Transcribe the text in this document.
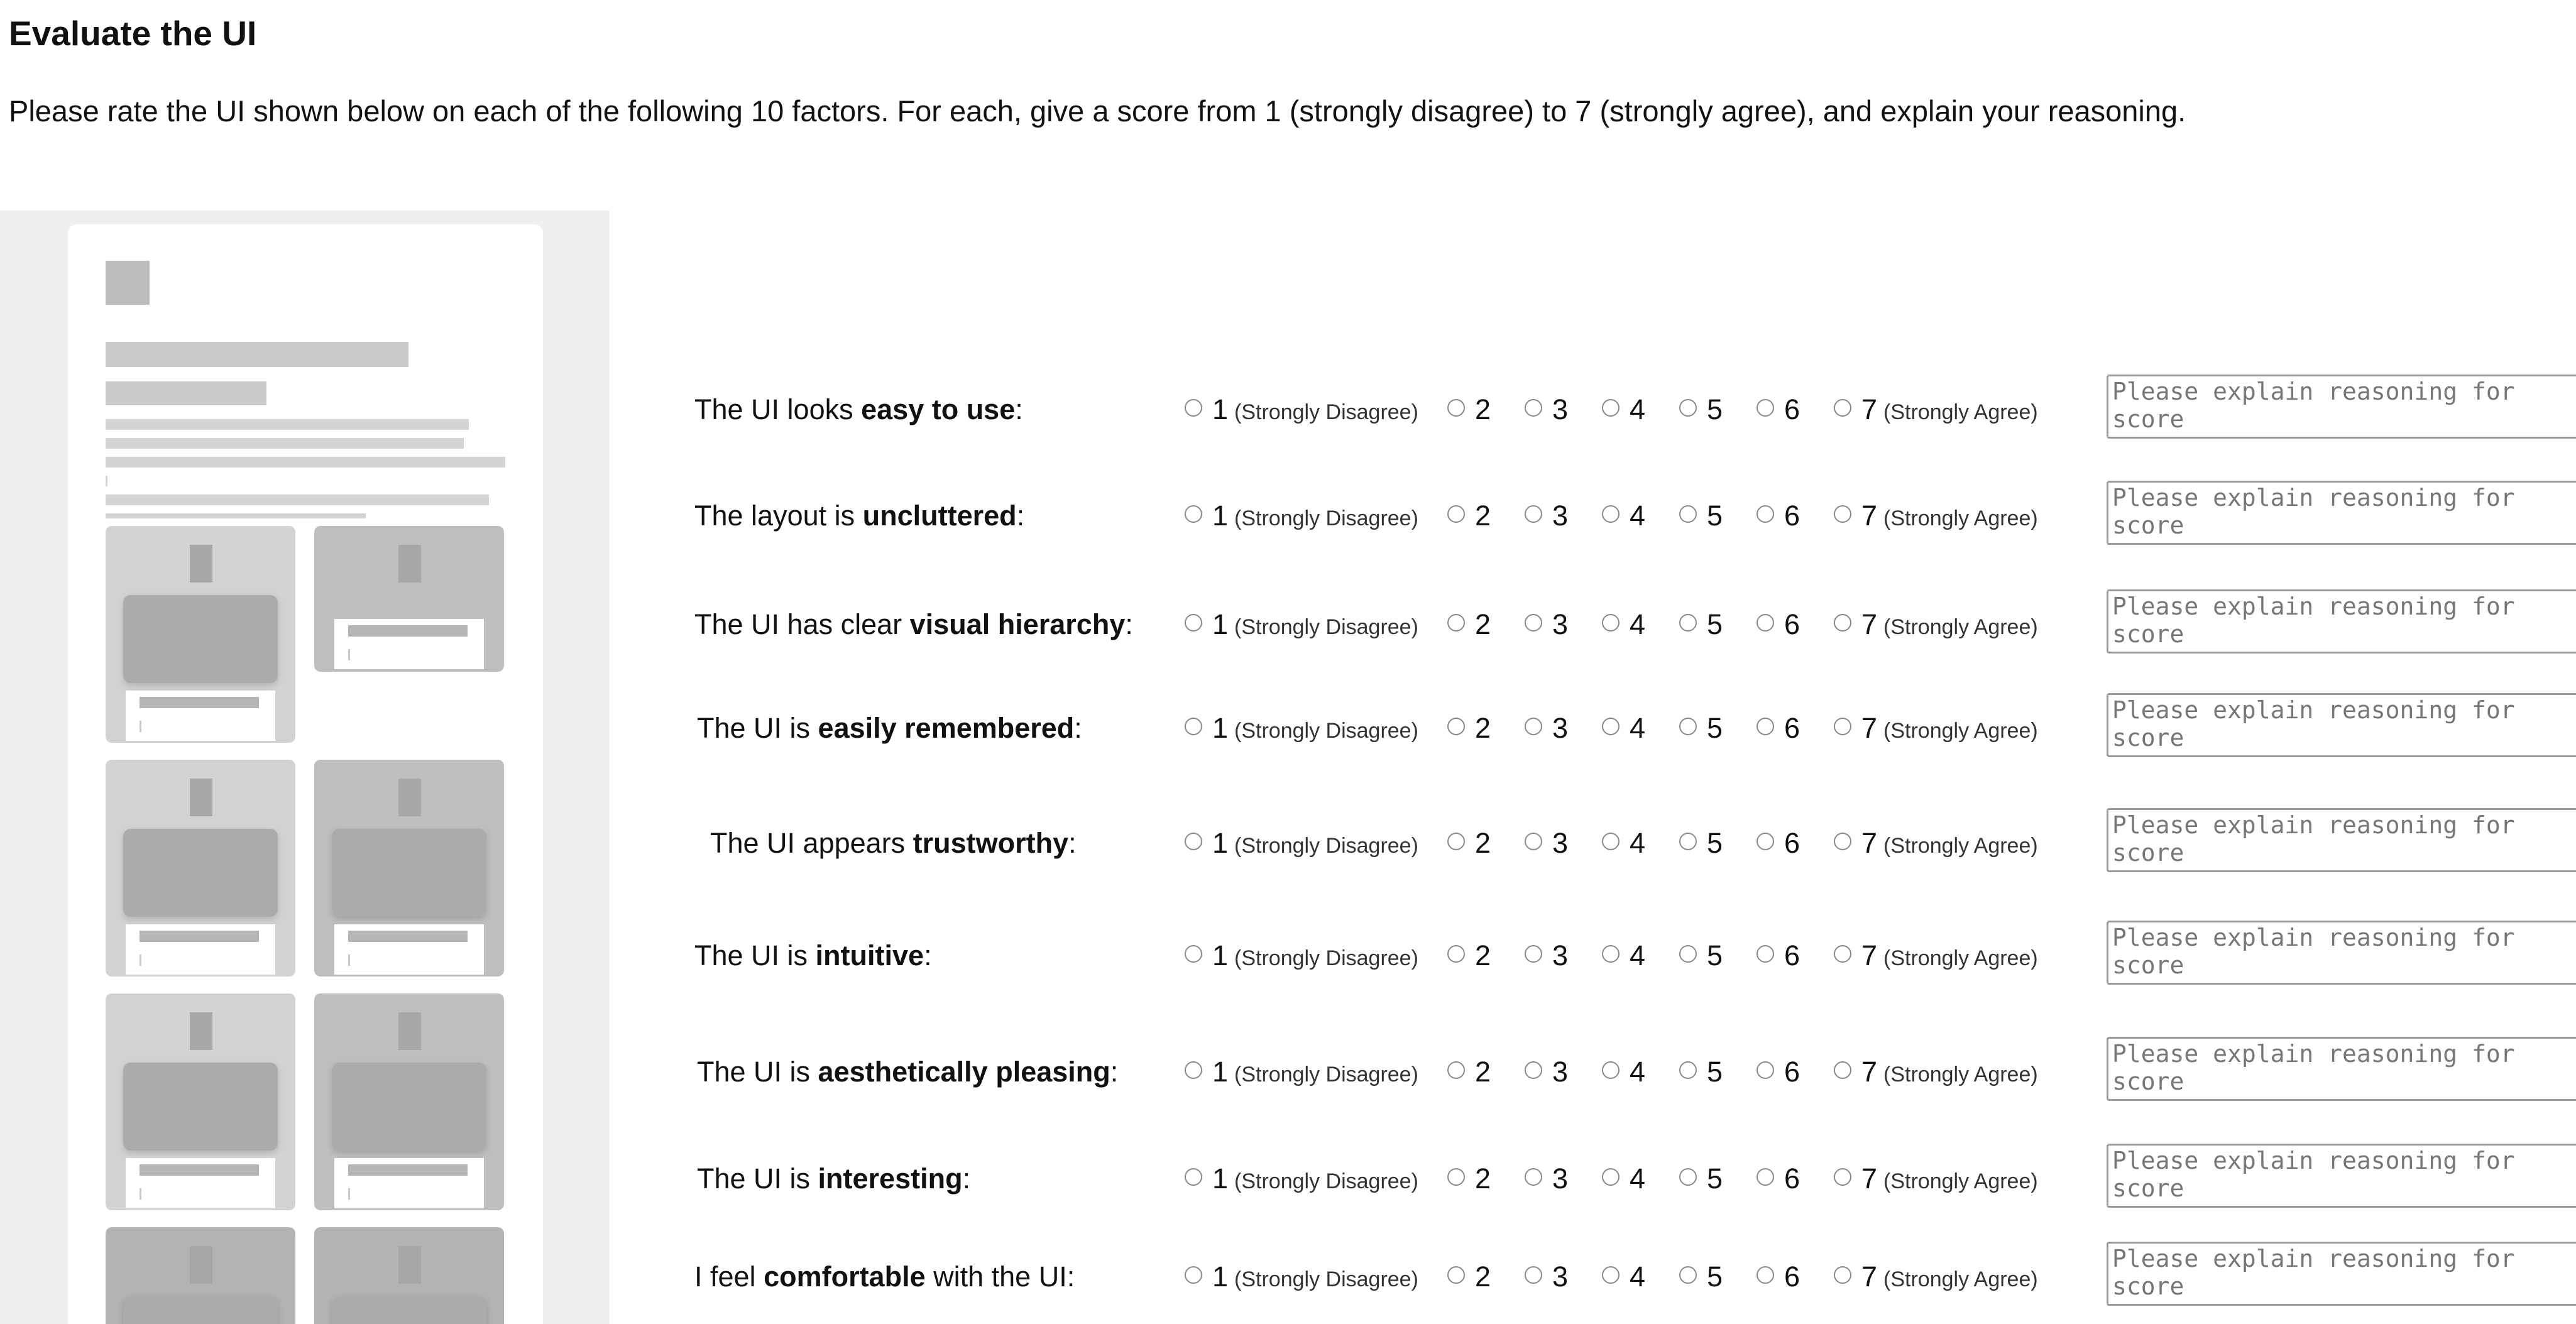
Evaluate the UI

Please rate the UI shown below on each of the following 10 factors. For each, give a score from 1 (strongly disagree) to 7 (strongly agree), and explain your reasoning.

The UI looks easy to use:	1 (Strongly Disagree)	2	3	4	5	6	7 (Strongly Agree)
Please explain reasoning for score
The layout is uncluttered:	1 (Strongly Disagree)	2	3	4	5	6	7 (Strongly Agree)
Please explain reasoning for score
The UI has clear visual hierarchy:	1 (Strongly Disagree)	2	3	4	5	6	7 (Strongly Agree)
Please explain reasoning for score
The UI is easily remembered:	1 (Strongly Disagree)	2	3	4	5	6	7 (Strongly Agree)
Please explain reasoning for score
The UI appears trustworthy:	1 (Strongly Disagree)	2	3	4	5	6	7 (Strongly Agree)
Please explain reasoning for score
The UI is intuitive:	1 (Strongly Disagree)	2	3	4	5	6	7 (Strongly Agree)
Please explain reasoning for score
The UI is aesthetically pleasing:	1 (Strongly Disagree)	2	3	4	5	6	7 (Strongly Agree)
Please explain reasoning for score
The UI is interesting:	1 (Strongly Disagree)	2	3	4	5	6	7 (Strongly Agree)
Please explain reasoning for score
I feel comfortable with the UI:	1 (Strongly Disagree)	2	3	4	5	6	7 (Strongly Agree)
Please explain reasoning for score
